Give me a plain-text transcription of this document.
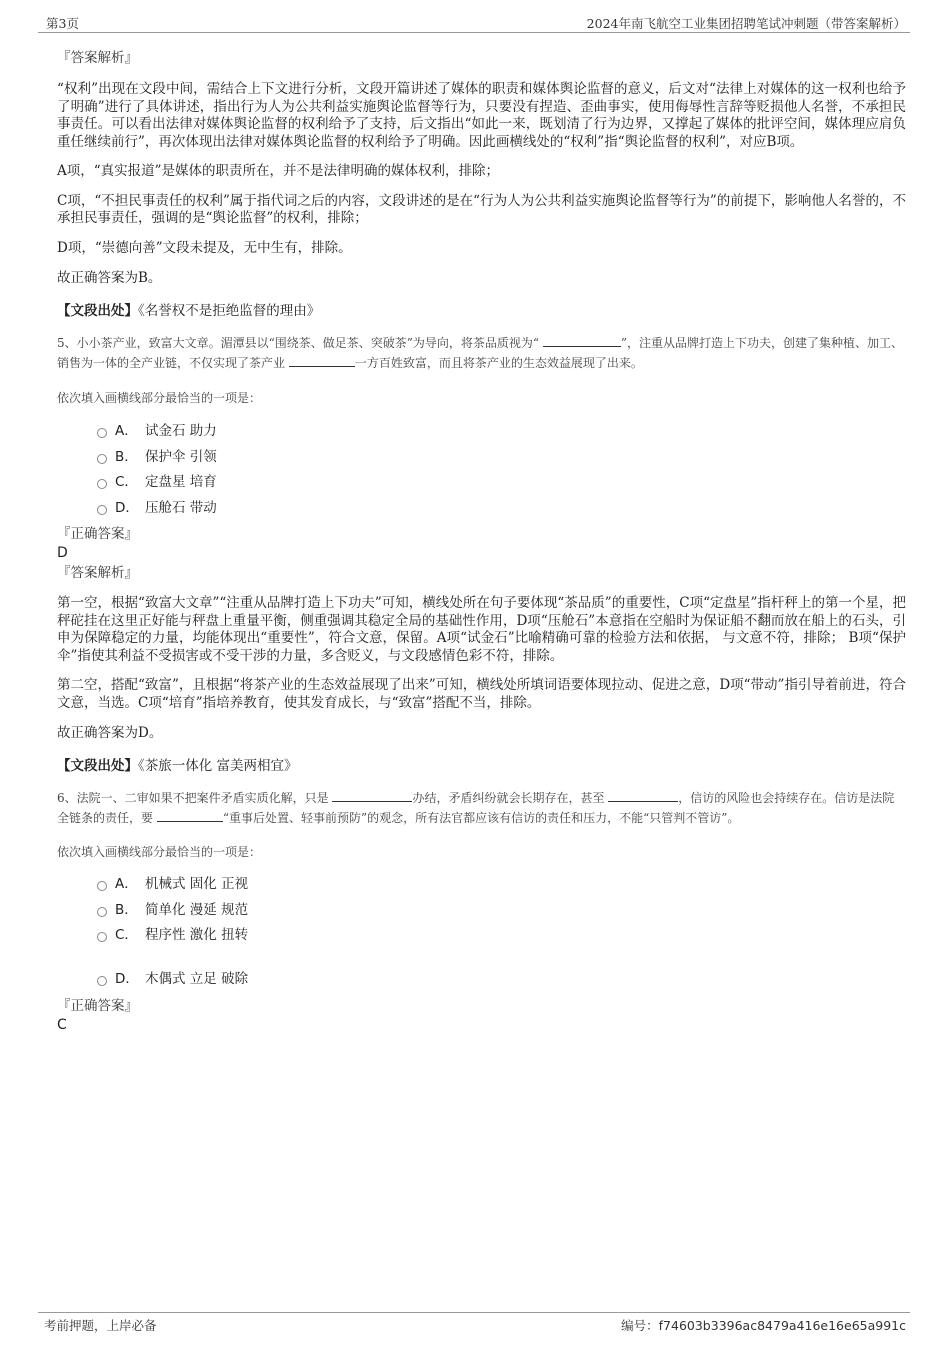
第3页	2024年南飞航空工业集团招聘笔试冲刺题（带答案解析）

『答案解析』

“权利”出现在文段中间，需结合上下文进行分析，文段开篇讲述了媒体的职责和媒体舆论监督的意义，后文对“法律上对媒体的这一权利也给予了明确”进行了具体讲述，指出行为人为公共利益实施舆论监督等行为，只要没有捏造、歪曲事实，使用侮辱性言辞等贬损他人名誉，不承担民事责任。可以看出法律对媒体舆论监督的权利给予了支持，后文指出“如此一来，既划清了行为边界，又撑起了媒体的批评空间，媒体理应肩负重任继续前行”，再次体现出法律对媒体舆论监督的权利给予了明确。因此画横线处的“权利”指“舆论监督的权利”，对应B项。

A项，“真实报道”是媒体的职责所在，并不是法律明确的媒体权利，排除；

C项，“不担民事责任的权利”属于指代词之后的内容，文段讲述的是在“行为人为公共利益实施舆论监督等行为”的前提下，影响他人名誉的，不承担民事责任，强调的是“舆论监督”的权利，排除；

D项，“崇德向善”文段未提及，无中生有，排除。

故正确答案为B。

【文段出处】《名誉权不是拒绝监督的理由》

5、小小茶产业，致富大文章。湄潭县以“围绕茶、做足茶、突破茶”为导向，将茶品质视为“	”，注重从品牌打造上下功夫，创建了集种植、加工、销售为一体的全产业链，不仅实现了茶产业	一方百姓致富，而且将茶产业的生态效益展现了出来。

依次填入画横线部分最恰当的一项是：

A． 试金石 助力
B． 保护伞 引领
C． 定盘星 培育
D． 压舱石 带动

『正确答案』

D

『答案解析』

第一空，根据“致富大文章”“注重从品牌打造上下功夫”可知，横线处所在句子要体现“茶品质”的重要性，C项“定盘星”指杆秤上的第一个星，把秤砣挂在这里正好能与秤盘上重量平衡，侧重强调其稳定全局的基础性作用，D项“压舱石”本意指在空船时为保证船不翻而放在船上的石头，引申为保障稳定的力量，均能体现出“重要性”，符合文意，保留。A项“试金石”比喻精确可靠的检验方法和依据， 与文意不符，排除； B项“保护伞”指使其利益不受损害或不受干涉的力量，多含贬义，与文段感情色彩不符，排除。

第二空，搭配“致富”，且根据“将茶产业的生态效益展现了出来”可知，横线处所填词语要体现拉动、促进之意，D项“带动”指引导着前进，符合文意，当选。C项“培育”指培养教育，使其发育成长，与“致富”搭配不当，排除。

故正确答案为D。

【文段出处】《茶旅一体化 富美两相宜》

6、法院一、二审如果不把案件矛盾实质化解，只是	办结，矛盾纠纷就会长期存在，甚至	，信访的风险也会持续存在。信访是法院全链条的责任，要	“重事后处置、轻事前预防”的观念，所有法官都应该有信访的责任和压力，不能“只管判不管访”。

依次填入画横线部分最恰当的一项是：

A． 机械式 固化 正视
B． 简单化 漫延 规范
C． 程序性 激化 扭转
D． 木偶式 立足 破除

『正确答案』

C

考前押题，上岸必备	编号：f74603b3396ac8479a416e16e65a991c
